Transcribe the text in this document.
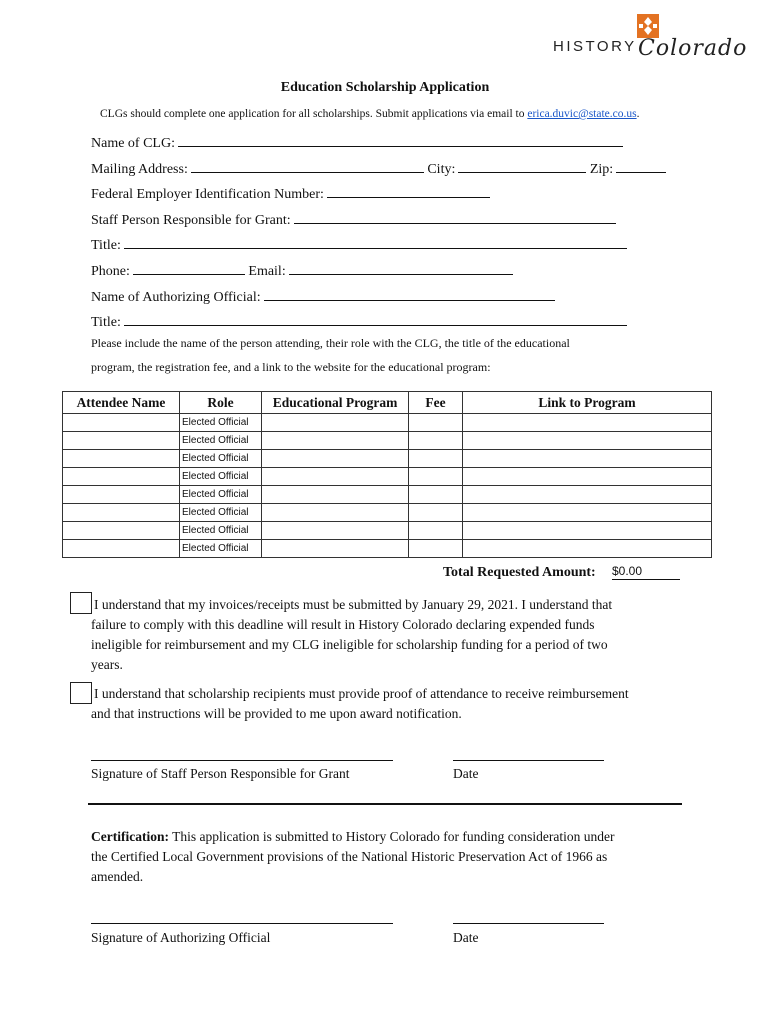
HISTORY Colorado
Education Scholarship Application
CLGs should complete one application for all scholarships. Submit applications via email to erica.duvic@state.co.us.
Name of CLG:
Mailing Address:	City:	Zip:
Federal Employer Identification Number:
Staff Person Responsible for Grant:
Title:
Phone:	Email:
Name of Authorizing Official:
Title:
Please include the name of the person attending, their role with the CLG, the title of the educational
program, the registration fee, and a link to the website for the educational program:
Attendee Name	Role	Educational Program	Fee	Link to Program
	Elected Official			
	Elected Official			
	Elected Official			
	Elected Official			
	Elected Official			
	Elected Official			
	Elected Official			
	Elected Official			
Total Requested Amount: $0.00
I understand that my invoices/receipts must be submitted by January 29, 2021. I understand that
failure to comply with this deadline will result in History Colorado declaring expended funds
ineligible for reimbursement and my CLG ineligible for scholarship funding for a period of two
years.
I understand that scholarship recipients must provide proof of attendance to receive reimbursement
and that instructions will be provided to me upon award notification.
Signature of Staff Person Responsible for Grant	Date
Certification: This application is submitted to History Colorado for funding consideration under
the Certified Local Government provisions of the National Historic Preservation Act of 1966 as
amended.
Signature of Authorizing Official	Date
